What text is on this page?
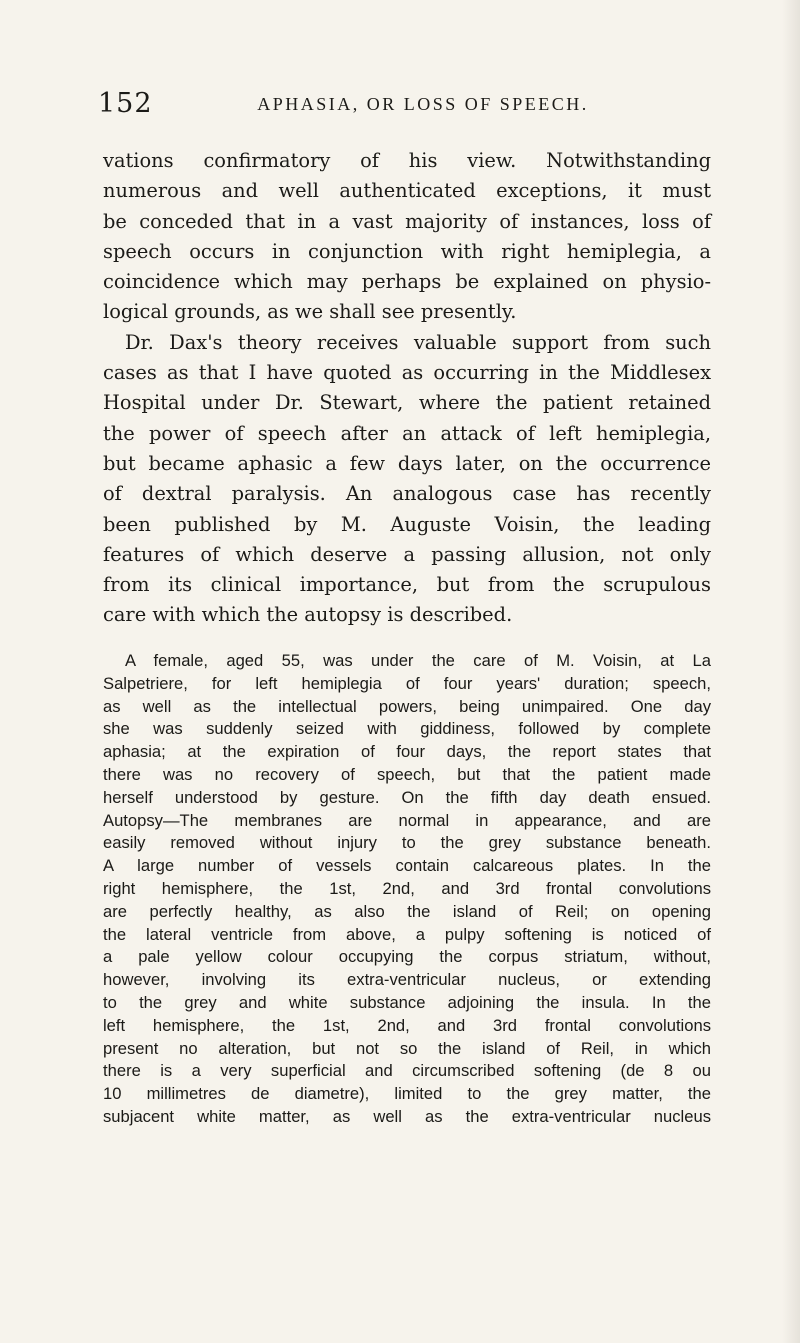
152	APHASIA, OR LOSS OF SPEECH.
vations confirmatory of his view. Notwithstanding
numerous and well authenticated exceptions, it must
be conceded that in a vast majority of instances, loss of
speech occurs in conjunction with right hemiplegia, a
coincidence which may perhaps be explained on physio-
logical grounds, as we shall see presently.
Dr. Dax's theory receives valuable support from such
cases as that I have quoted as occurring in the Middlesex
Hospital under Dr. Stewart, where the patient retained
the power of speech after an attack of left hemiplegia,
but became aphasic a few days later, on the occurrence
of dextral paralysis. An analogous case has recently
been published by M. Auguste Voisin, the leading
features of which deserve a passing allusion, not only
from its clinical importance, but from the scrupulous
care with which the autopsy is described.
A female, aged 55, was under the care of M. Voisin, at La
Salpetriere, for left hemiplegia of four years' duration; speech,
as well as the intellectual powers, being unimpaired. One day
she was suddenly seized with giddiness, followed by complete
aphasia; at the expiration of four days, the report states that
there was no recovery of speech, but that the patient made
herself understood by gesture. On the fifth day death ensued.
Autopsy—The membranes are normal in appearance, and are
easily removed without injury to the grey substance beneath.
A large number of vessels contain calcareous plates. In the
right hemisphere, the 1st, 2nd, and 3rd frontal convolutions
are perfectly healthy, as also the island of Reil; on opening
the lateral ventricle from above, a pulpy softening is noticed of
a pale yellow colour occupying the corpus striatum, without,
however, involving its extra-ventricular nucleus, or extending
to the grey and white substance adjoining the insula. In the
left hemisphere, the 1st, 2nd, and 3rd frontal convolutions
present no alteration, but not so the island of Reil, in which
there is a very superficial and circumscribed softening (de 8 ou
10 millimetres de diametre), limited to the grey matter, the
subjacent white matter, as well as the extra-ventricular nucleus
